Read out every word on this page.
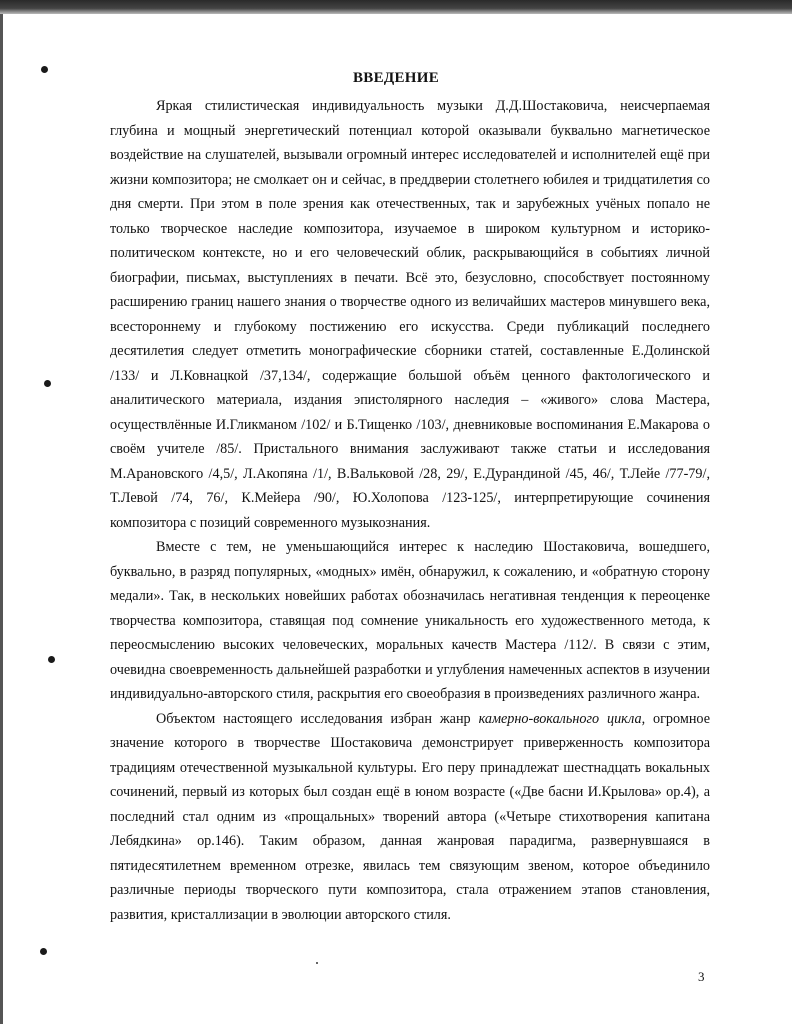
ВВЕДЕНИЕ

Яркая стилистическая индивидуальность музыки Д.Д.Шостаковича, неисчерпаемая глубина и мощный энергетический потенциал которой оказывали буквально магнетическое воздействие на слушателей, вызывали огромный интерес исследователей и исполнителей ещё при жизни композитора; не смолкает он и сейчас, в преддверии столетнего юбилея и тридцатилетия со дня смерти. При этом в поле зрения как отечественных, так и зарубежных учёных попало не только творческое наследие композитора, изучаемое в широком культурном и историко-политическом контексте, но и его человеческий облик, раскрывающийся в событиях личной биографии, письмах, выступлениях в печати. Всё это, безусловно, способствует постоянному расширению границ нашего знания о творчестве одного из величайших мастеров минувшего века, всестороннему и глубокому постижению его искусства. Среди публикаций последнего десятилетия следует отметить монографические сборники статей, составленные Е.Долинской /133/ и Л.Ковнацкой /37,134/, содержащие большой объём ценного фактологического и аналитического материала, издания эпистолярного наследия – «живого» слова Мастера, осуществлённые И.Гликманом /102/ и Б.Тищенко /103/, дневниковые воспоминания Е.Макарова о своём учителе /85/. Пристального внимания заслуживают также статьи и исследования М.Арановского /4,5/, Л.Акопяна /1/, В.Вальковой /28, 29/, Е.Дурандиной /45, 46/, Т.Лейе /77-79/, Т.Левой /74, 76/, К.Мейера /90/, Ю.Холопова /123-125/, интерпретирующие сочинения композитора с позиций современного музыкознания.

Вместе с тем, не уменьшающийся интерес к наследию Шостаковича, вошедшего, буквально, в разряд популярных, «модных» имён, обнаружил, к сожалению, и «обратную сторону медали». Так, в нескольких новейших работах обозначилась негативная тенденция к переоценке творчества композитора, ставящая под сомнение уникальность его художественного метода, к переосмыслению высоких человеческих, моральных качеств Мастера /112/. В связи с этим, очевидна своевременность дальнейшей разработки и углубления намеченных аспектов в изучении индивидуально-авторского стиля, раскрытия его своеобразия в произведениях различного жанра.

Объектом настоящего исследования избран жанр камерно-вокального цикла, огромное значение которого в творчестве Шостаковича демонстрирует приверженность композитора традициям отечественной музыкальной культуры. Его перу принадлежат шестнадцать вокальных сочинений, первый из которых был создан ещё в юном возрасте («Две басни И.Крылова» ор.4), а последний стал одним из «прощальных» творений автора («Четыре стихотворения капитана Лебядкина» ор.146). Таким образом, данная жанровая парадигма, развернувшаяся в пятидесятилетнем временном отрезке, явилась тем связующим звеном, которое объединило различные периоды творческого пути композитора, стала отражением этапов становления, развития, кристаллизации в эволюции авторского стиля.

3
